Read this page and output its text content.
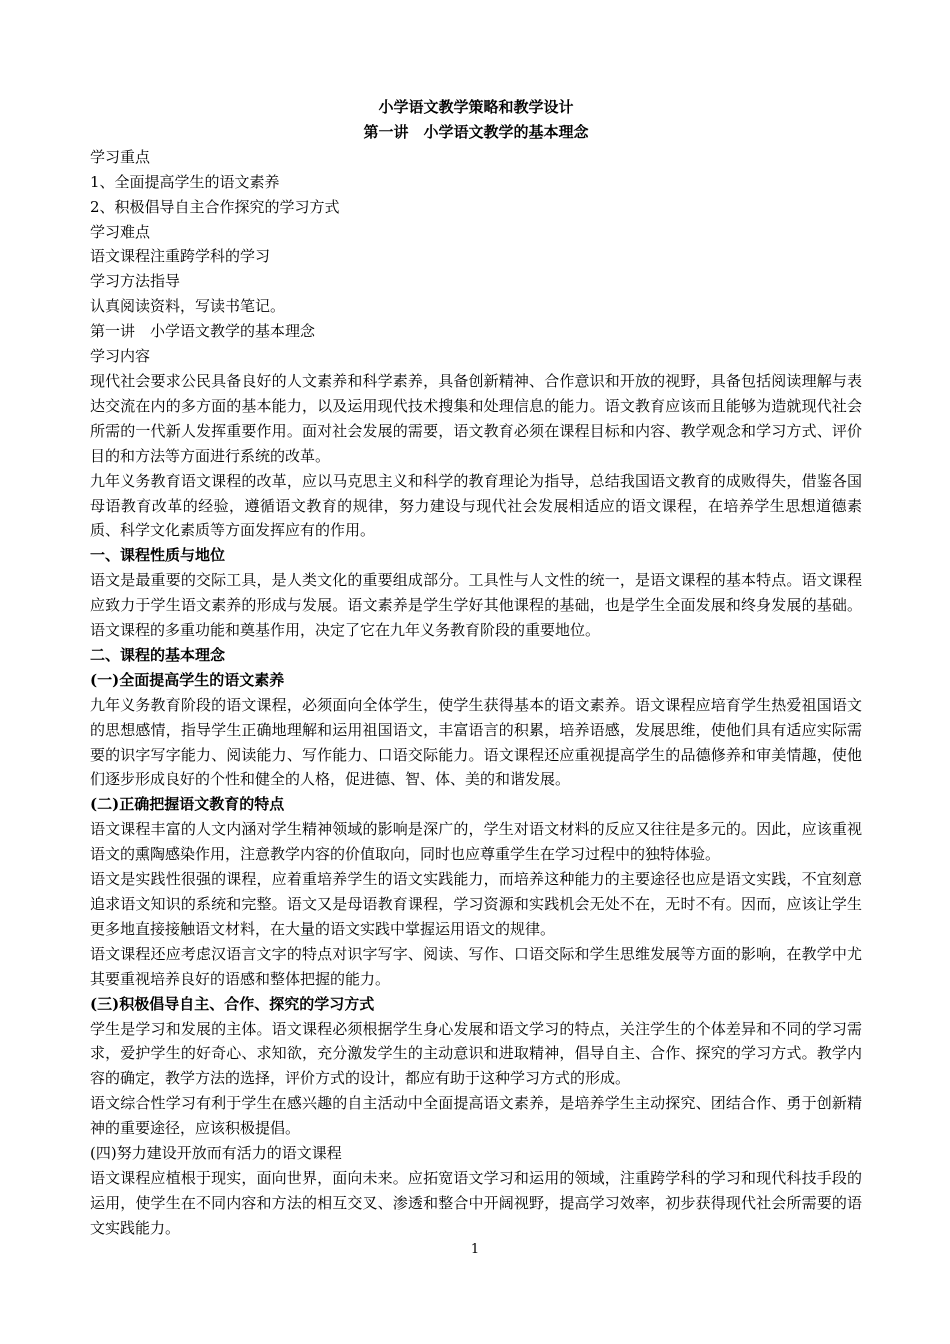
小学语文教学策略和教学设计

第一讲　小学语文教学的基本理念

学习重点

1、全面提高学生的语文素养

2、积极倡导自主合作探究的学习方式

学习难点

语文课程注重跨学科的学习

学习方法指导

认真阅读资料，写读书笔记。

第一讲　小学语文教学的基本理念

学习内容

现代社会要求公民具备良好的人文素养和科学素养，具备创新精神、合作意识和开放的视野，具备包括阅读理解与表达交流在内的多方面的基本能力，以及运用现代技术搜集和处理信息的能力。语文教育应该而且能够为造就现代社会所需的一代新人发挥重要作用。面对社会发展的需要，语文教育必须在课程目标和内容、教学观念和学习方式、评价目的和方法等方面进行系统的改革。

九年义务教育语文课程的改革，应以马克思主义和科学的教育理论为指导，总结我国语文教育的成败得失，借鉴各国母语教育改革的经验，遵循语文教育的规律，努力建设与现代社会发展相适应的语文课程，在培养学生思想道德素质、科学文化素质等方面发挥应有的作用。

一、课程性质与地位

语文是最重要的交际工具，是人类文化的重要组成部分。工具性与人文性的统一，是语文课程的基本特点。语文课程应致力于学生语文素养的形成与发展。语文素养是学生学好其他课程的基础，也是学生全面发展和终身发展的基础。语文课程的多重功能和奠基作用，决定了它在九年义务教育阶段的重要地位。

二、课程的基本理念

(一)全面提高学生的语文素养

九年义务教育阶段的语文课程，必须面向全体学生，使学生获得基本的语文素养。语文课程应培育学生热爱祖国语文的思想感情，指导学生正确地理解和运用祖国语文，丰富语言的积累，培养语感，发展思维，使他们具有适应实际需要的识字写字能力、阅读能力、写作能力、口语交际能力。语文课程还应重视提高学生的品德修养和审美情趣，使他们逐步形成良好的个性和健全的人格，促进德、智、体、美的和谐发展。

(二)正确把握语文教育的特点

语文课程丰富的人文内涵对学生精神领域的影响是深广的，学生对语文材料的反应又往往是多元的。因此，应该重视语文的熏陶感染作用，注意教学内容的价值取向，同时也应尊重学生在学习过程中的独特体验。

语文是实践性很强的课程，应着重培养学生的语文实践能力，而培养这种能力的主要途径也应是语文实践，不宜刻意追求语文知识的系统和完整。语文又是母语教育课程，学习资源和实践机会无处不在，无时不有。因而，应该让学生更多地直接接触语文材料，在大量的语文实践中掌握运用语文的规律。

语文课程还应考虑汉语言文字的特点对识字写字、阅读、写作、口语交际和学生思维发展等方面的影响，在教学中尤其要重视培养良好的语感和整体把握的能力。

(三)积极倡导自主、合作、探究的学习方式

学生是学习和发展的主体。语文课程必须根据学生身心发展和语文学习的特点，关注学生的个体差异和不同的学习需求，爱护学生的好奇心、求知欲，充分激发学生的主动意识和进取精神，倡导自主、合作、探究的学习方式。教学内容的确定，教学方法的选择，评价方式的设计，都应有助于这种学习方式的形成。

语文综合性学习有利于学生在感兴趣的自主活动中全面提高语文素养，是培养学生主动探究、团结合作、勇于创新精神的重要途径，应该积极提倡。

(四)努力建设开放而有活力的语文课程

语文课程应植根于现实，面向世界，面向未来。应拓宽语文学习和运用的领域，注重跨学科的学习和现代科技手段的运用，使学生在不同内容和方法的相互交叉、渗透和整合中开阔视野，提高学习效率，初步获得现代社会所需要的语文实践能力。

1
